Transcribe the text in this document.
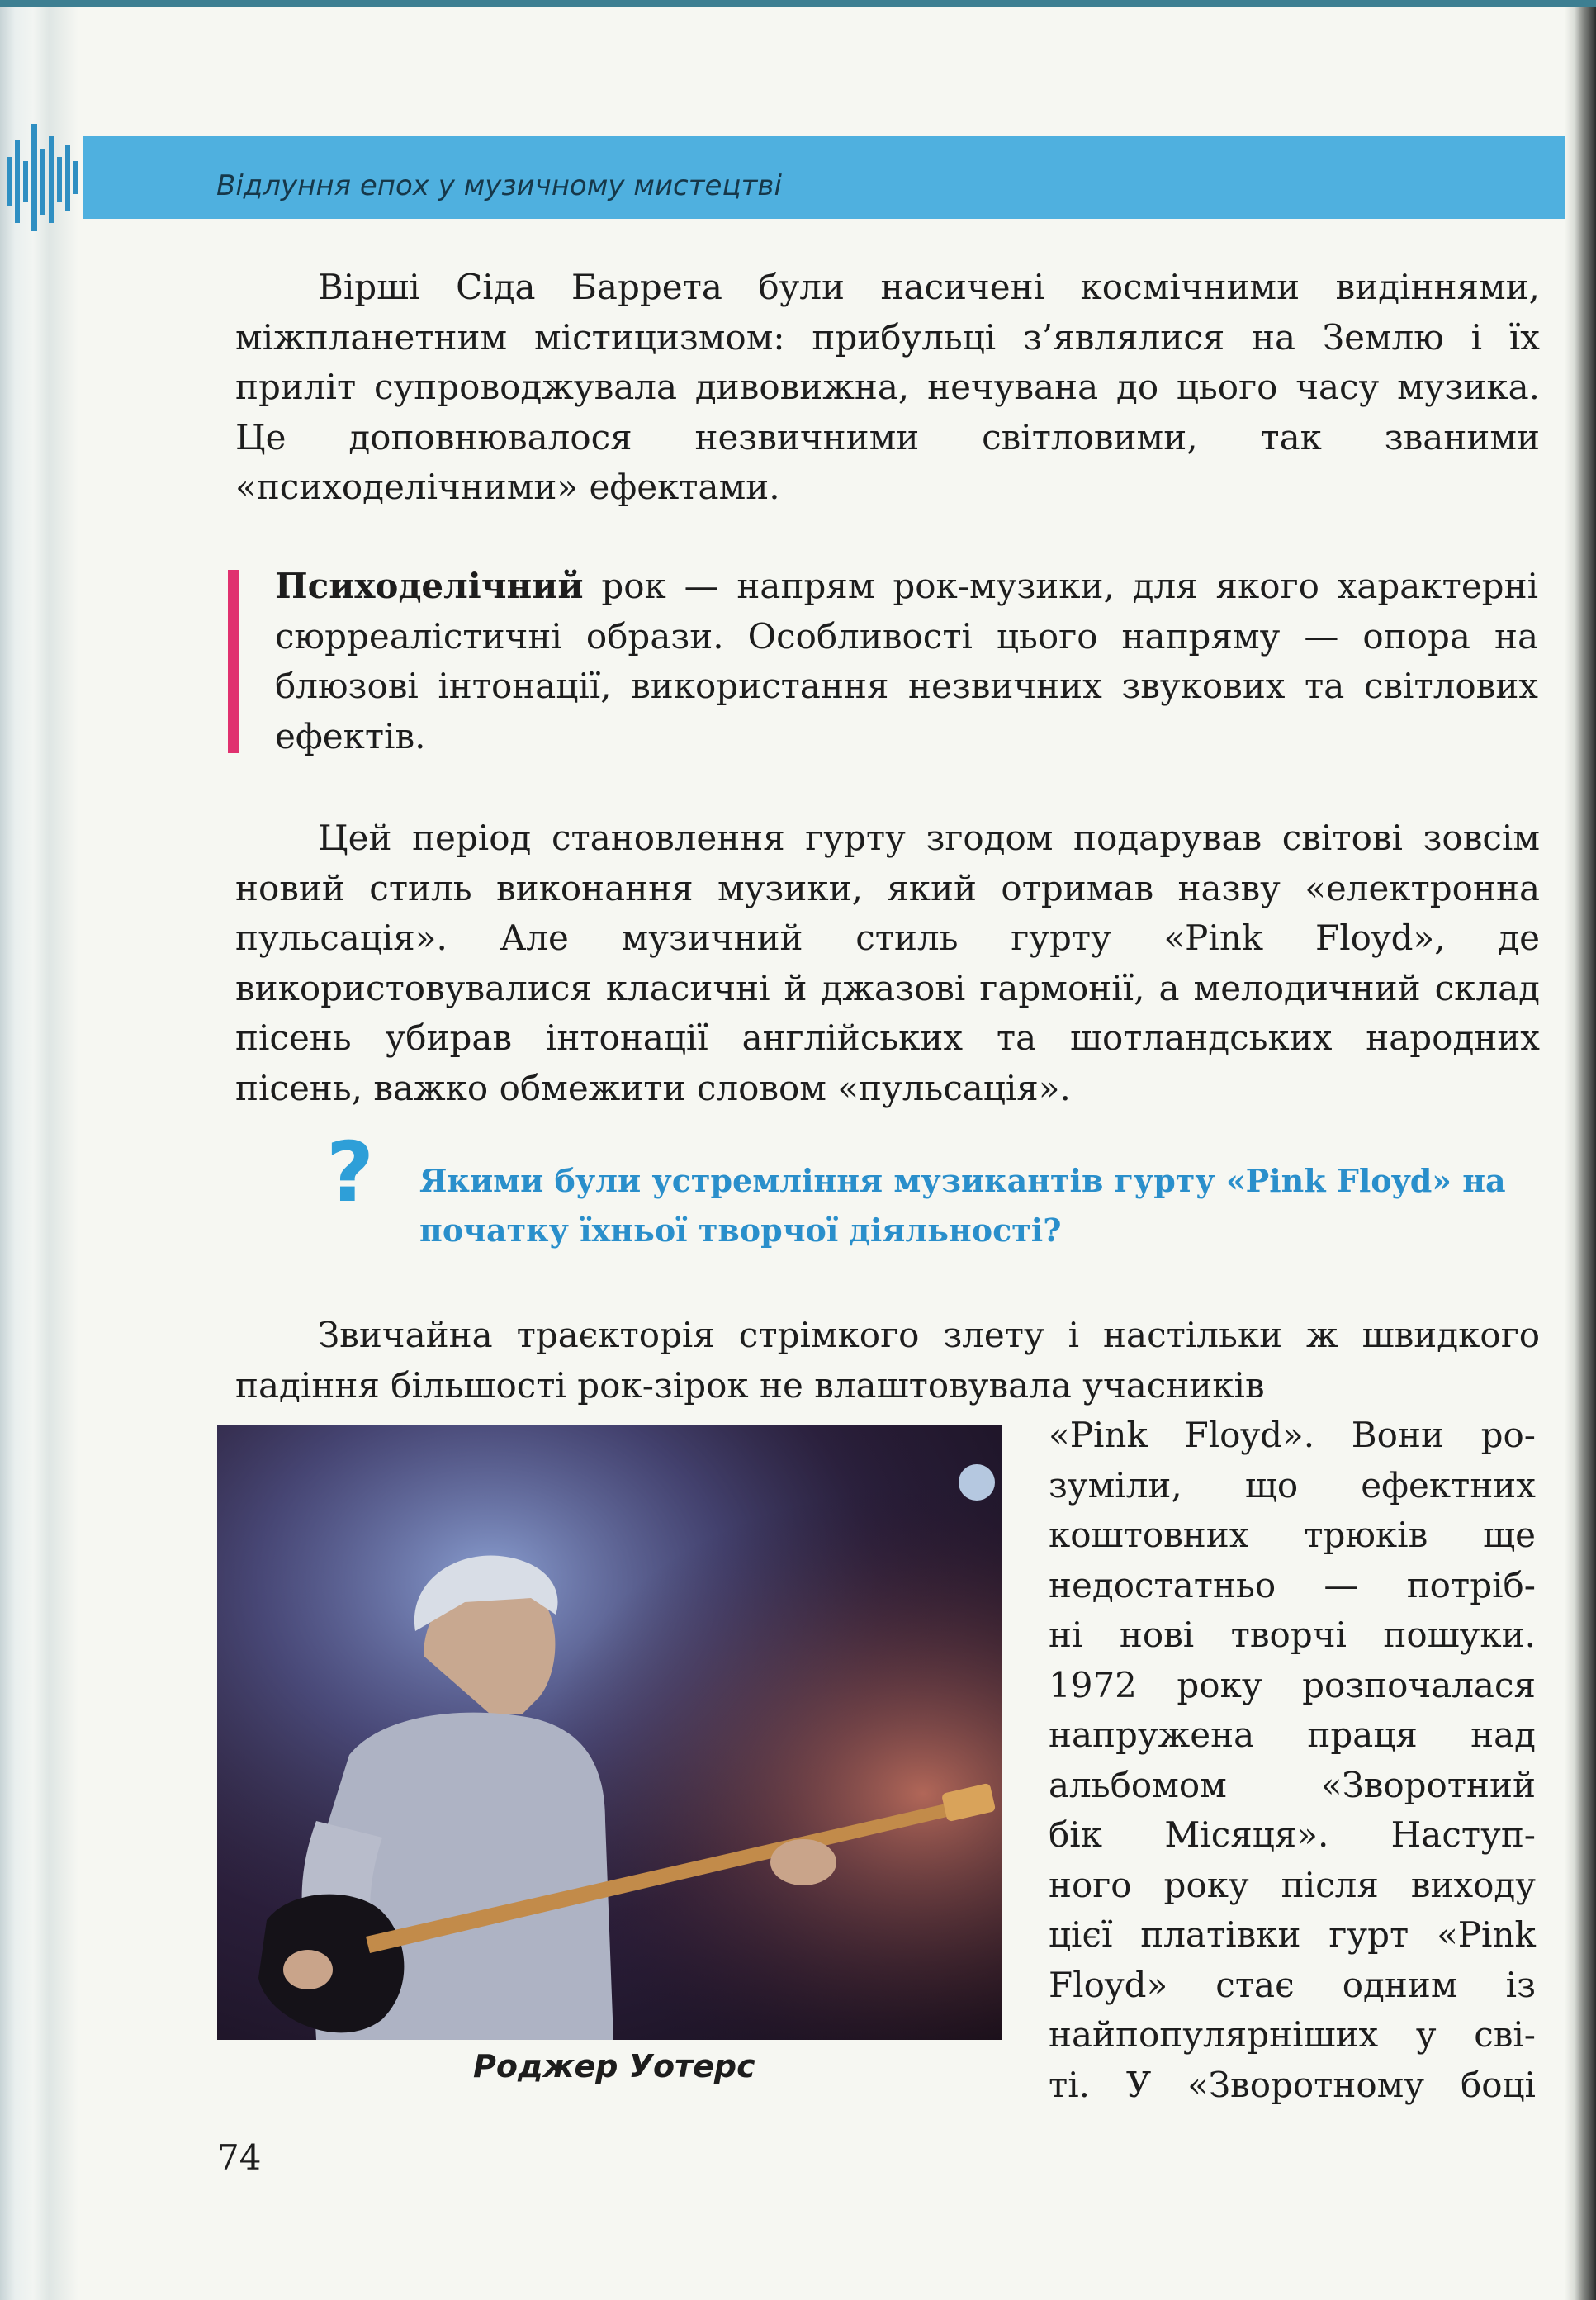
Відлуння епох у музичному мистецтві

Вірші Сіда Баррета були насичені космічними видіннями, міжпланетним містицизмом: прибульці з’являлися на Землю і їх приліт супроводжувала дивовижна, нечувана до цього часу музика. Це доповнювалося незвичними світловими, так званими «психоделічними» ефектами.

Психоделічний рок — напрям рок-музики, для якого характерні сюрреалістичні образи. Особливості цього напряму — опора на блюзові інтонації, використання незвичних звукових та світлових ефектів.

Цей період становлення гурту згодом подарував світові зовсім новий стиль виконання музики, який отримав назву «електронна пульсація». Але музичний стиль гурту «Pink Floyd», де використовувалися класичні й джазові гармонії, а мелодичний склад пісень убирав інтонації англійських та шотландських народних пісень, важко обмежити словом «пульсація».

? Якими були устремління музикантів гурту «Pink Floyd» на початку їхньої творчої діяльності?

Звичайна траєкторія стрімкого злету і настільки ж швидкого падіння більшості рок-зірок не влаштовувала учасників

Роджер Уотерс
«Pink Floyd». Вони ро-
зуміли, що ефектних
коштовних трюків ще
недостатньо — потріб-
ні нові творчі пошуки.
1972 року розпочалася
напружена праця над
альбомом «Зворотний
бік Місяця». Наступ-
ного року після виходу
цієї платівки гурт «Pink
Floyd» стає одним із
найпопулярніших у сві-
ті. У «Зворотному боці
74
